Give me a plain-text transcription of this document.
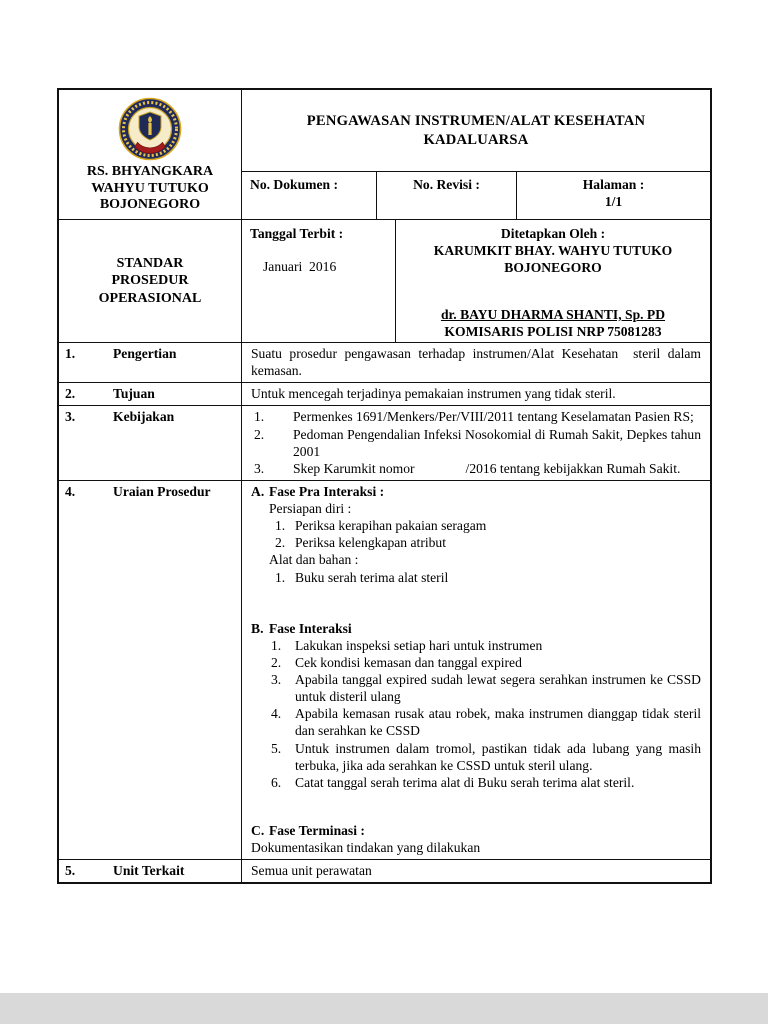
RS. BHYANGKARA WAHYU TUTUKO BOJONEGORO
STANDAR PROSEDUR OPERASIONAL
PENGAWASAN INSTRUMEN/ALAT KESEHATAN KADALUARSA
No. Dokumen :	No. Revisi :	Halaman :
1/1
Tanggal Terbit :
Januari  2016
Ditetapkan Oleh :
KARUMKIT BHAY. WAHYU TUTUKO BOJONEGORO
dr. BAYU DHARMA SHANTI, Sp. PD
KOMISARIS POLISI NRP 75081283
1.	Pengertian	Suatu prosedur pengawasan terhadap instrumen/Alat Kesehatan  steril dalam kemasan.
2.	Tujuan	Untuk mencegah terjadinya pemakaian instrumen yang tidak steril.
3.	Kebijakan	1.	Permenkes 1691/Menkers/Per/VIII/2011 tentang Keselamatan Pasien RS;
2.	Pedoman Pengendalian Infeksi Nosokomial di Rumah Sakit, Depkes tahun 2001
3.	Skep Karumkit nomor               /2016 tentang kebijakkan Rumah Sakit.
4.	Uraian Prosedur	A. Fase Pra Interaksi :
Persiapan diri :
1. Periksa kerapihan pakaian seragam
2. Periksa kelengkapan atribut
Alat dan bahan :
1. Buku serah terima alat steril
B. Fase Interaksi
1.	Lakukan inspeksi setiap hari untuk instrumen
2.	Cek kondisi kemasan dan tanggal expired
3.	Apabila tanggal expired sudah lewat segera serahkan instrumen ke CSSD untuk disteril ulang
4.	Apabila kemasan rusak atau robek, maka instrumen dianggap tidak steril dan serahkan ke CSSD
5.	Untuk instrumen dalam tromol, pastikan tidak ada lubang yang masih terbuka, jika ada serahkan ke CSSD untuk steril ulang.
6.	Catat tanggal serah terima alat di Buku serah terima alat steril.
C. Fase Terminasi :
Dokumentasikan tindakan yang dilakukan
5.	Unit Terkait	Semua unit perawatan
